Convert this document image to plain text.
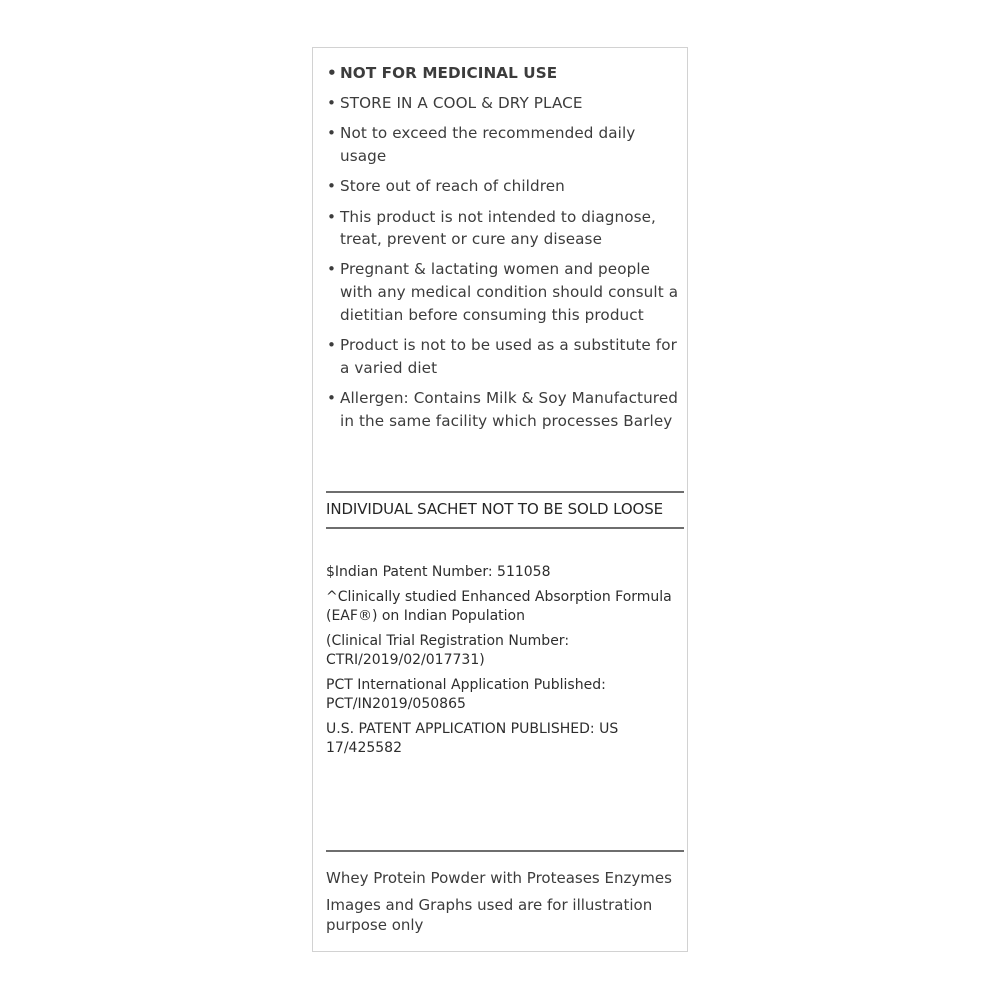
• NOT FOR MEDICINAL USE
• STORE IN A COOL & DRY PLACE
• Not to exceed the recommended daily usage
• Store out of reach of children
• This product is not intended to diagnose, treat, prevent or cure any disease
• Pregnant & lactating women and people with any medical condition should consult a dietitian before consuming this product
• Product is not to be used as a substitute for a varied diet
• Allergen: Contains Milk & Soy Manufactured in the same facility which processes Barley
INDIVIDUAL SACHET NOT TO BE SOLD LOOSE

$Indian Patent Number: 511058

^Clinically studied Enhanced Absorption Formula (EAF®) on Indian Population

(Clinical Trial Registration Number: CTRI/2019/02/017731)

PCT International Application Published: PCT/IN2019/050865

U.S. PATENT APPLICATION PUBLISHED: US 17/425582

Whey Protein Powder with Proteases Enzymes

Images and Graphs used are for illustration purpose only
